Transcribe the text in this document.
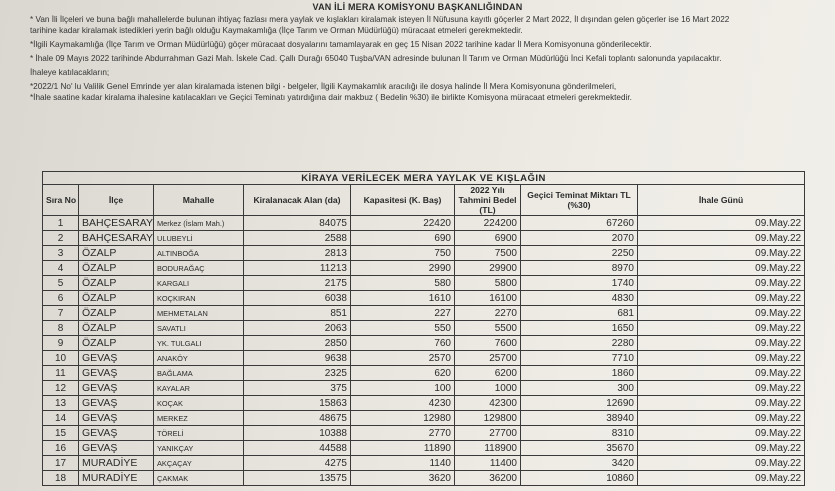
VAN İLİ MERA KOMİSYONU BAŞKANLIĞINDAN

* Van İli İlçeleri ve buna bağlı mahallelerde bulunan ihtiyaç fazlası mera yaylak ve kışlakları kiralamak isteyen İl Nüfusuna kayıtlı göçerler 2 Mart 2022, İl dışından gelen göçerler ise 16 Mart 2022 tarihine kadar kiralamak istedikleri yerin bağlı olduğu Kaymakamlığa (İlçe Tarım ve Orman Müdürlüğü) müracaat etmeleri gerekmektedir.

*İlgili Kaymakamlığa (İlçe Tarım ve Orman Müdürlüğü) göçer müracaat dosyalarını tamamlayarak en geç 15 Nisan 2022 tarihine kadar İl Mera Komisyonuna gönderilecektir.

* İhale 09 Mayıs 2022 tarihinde Abdurrahman Gazi Mah. İskele Cad. Çallı Durağı 65040 Tuşba/VAN adresinde bulunan İl Tarım ve Orman Müdürlüğü İnci Kefali toplantı salonunda yapılacaktır.

İhaleye katılacakların;

*2022/1 No' lu Valilik Genel Emrinde yer alan kiralamada istenen bilgi - belgeler, İlgili Kaymakamlık aracılığı ile dosya halinde İl Mera Komisyonuna gönderilmeleri,

*İhale saatine kadar kiralama ihalesine katılacakları ve Geçici Teminatı yatırdığına dair makbuz ( Bedelin %30) ile birlikte Komisyona müracaat etmeleri gerekmektedir.

KİRAYA VERİLECEK MERA YAYLAK VE KIŞLAĞIN							
Sıra No	İlçe	Mahalle	Kiralanacak Alan (da)	Kapasitesi (K. Baş)	2022 Yılı Tahmini Bedel (TL)	Geçici Teminat Miktarı TL (%30)	İhale Günü
1	BAHÇESARAY	Merkez (İslam Mah.)	84075	22420	224200	67260	09.May.22
2	BAHÇESARAY	ULUBEYLİ	2588	690	6900	2070	09.May.22
3	ÖZALP	ALTINBOĞA	2813	750	7500	2250	09.May.22
4	ÖZALP	BODURAĞAÇ	11213	2990	29900	8970	09.May.22
5	ÖZALP	KARGALI	2175	580	5800	1740	09.May.22
6	ÖZALP	KOÇKIRAN	6038	1610	16100	4830	09.May.22
7	ÖZALP	MEHMETALAN	851	227	2270	681	09.May.22
8	ÖZALP	SAVATLI	2063	550	5500	1650	09.May.22
9	ÖZALP	YK. TULGALI	2850	760	7600	2280	09.May.22
10	GEVAŞ	ANAKÖY	9638	2570	25700	7710	09.May.22
11	GEVAŞ	BAĞLAMA	2325	620	6200	1860	09.May.22
12	GEVAŞ	KAYALAR	375	100	1000	300	09.May.22
13	GEVAŞ	KOÇAK	15863	4230	42300	12690	09.May.22
14	GEVAŞ	MERKEZ	48675	12980	129800	38940	09.May.22
15	GEVAŞ	TÖRELİ	10388	2770	27700	8310	09.May.22
16	GEVAŞ	YANIKÇAY	44588	11890	118900	35670	09.May.22
17	MURADİYE	AKÇAÇAY	4275	1140	11400	3420	09.May.22
18	MURADİYE	ÇAKMAK	13575	3620	36200	10860	09.May.22
